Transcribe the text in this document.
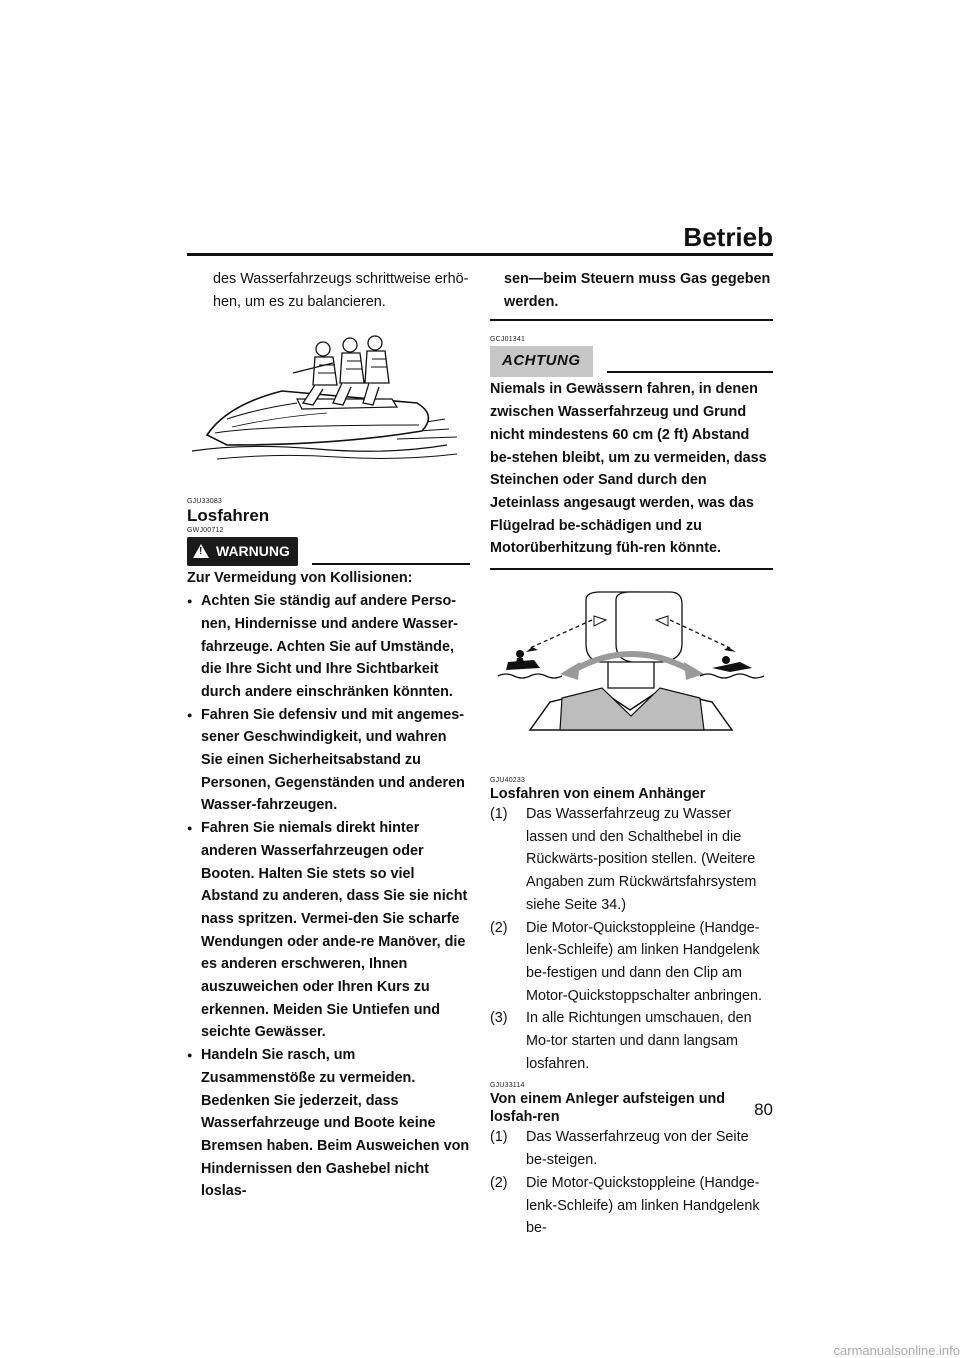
Betrieb

des Wasserfahrzeugs schrittweise erhö-hen, um es zu balancieren.

GJU33083

Losfahren

GWJ00712

! WARNUNG

Zur Vermeidung von Kollisionen:

● Achten Sie ständig auf andere Perso-nen, Hindernisse und andere Wasser-fahrzeuge. Achten Sie auf Umstände, die Ihre Sicht und Ihre Sichtbarkeit durch andere einschränken könnten.
● Fahren Sie defensiv und mit angemes-sener Geschwindigkeit, und wahren Sie einen Sicherheitsabstand zu Personen, Gegenständen und anderen Wasser-fahrzeugen.
● Fahren Sie niemals direkt hinter anderen Wasserfahrzeugen oder Booten. Halten Sie stets so viel Abstand zu anderen, dass Sie sie nicht nass spritzen. Vermei-den Sie scharfe Wendungen oder ande-re Manöver, die es anderen erschweren, Ihnen auszuweichen oder Ihren Kurs zu erkennen. Meiden Sie Untiefen und seichte Gewässer.
● Handeln Sie rasch, um Zusammenstöße zu vermeiden. Bedenken Sie jederzeit, dass Wasserfahrzeuge und Boote keine Bremsen haben. Beim Ausweichen von Hindernissen den Gashebel nicht loslas-

sen—beim Steuern muss Gas gegeben werden.

GCJ01341

ACHTUNG

Niemals in Gewässern fahren, in denen zwischen Wasserfahrzeug und Grund nicht mindestens 60 cm (2 ft) Abstand be-stehen bleibt, um zu vermeiden, dass Steinchen oder Sand durch den Jeteinlass angesaugt werden, was das Flügelrad be-schädigen und zu Motorüberhitzung füh-ren könnte.

GJU40233

Losfahren von einem Anhänger

(1) Das Wasserfahrzeug zu Wasser lassen und den Schalthebel in die Rückwärts-position stellen. (Weitere Angaben zum Rückwärtsfahrsystem siehe Seite 34.)
(2) Die Motor-Quickstoppleine (Handge-lenk-Schleife) am linken Handgelenk be-festigen und dann den Clip am Motor-Quickstoppschalter anbringen.
(3) In alle Richtungen umschauen, den Mo-tor starten und dann langsam losfahren.

GJU33114

Von einem Anleger aufsteigen und losfah-ren

(1) Das Wasserfahrzeug von der Seite be-steigen.
(2) Die Motor-Quickstoppleine (Handge-lenk-Schleife) am linken Handgelenk be-
80
carmanualsonline.info
